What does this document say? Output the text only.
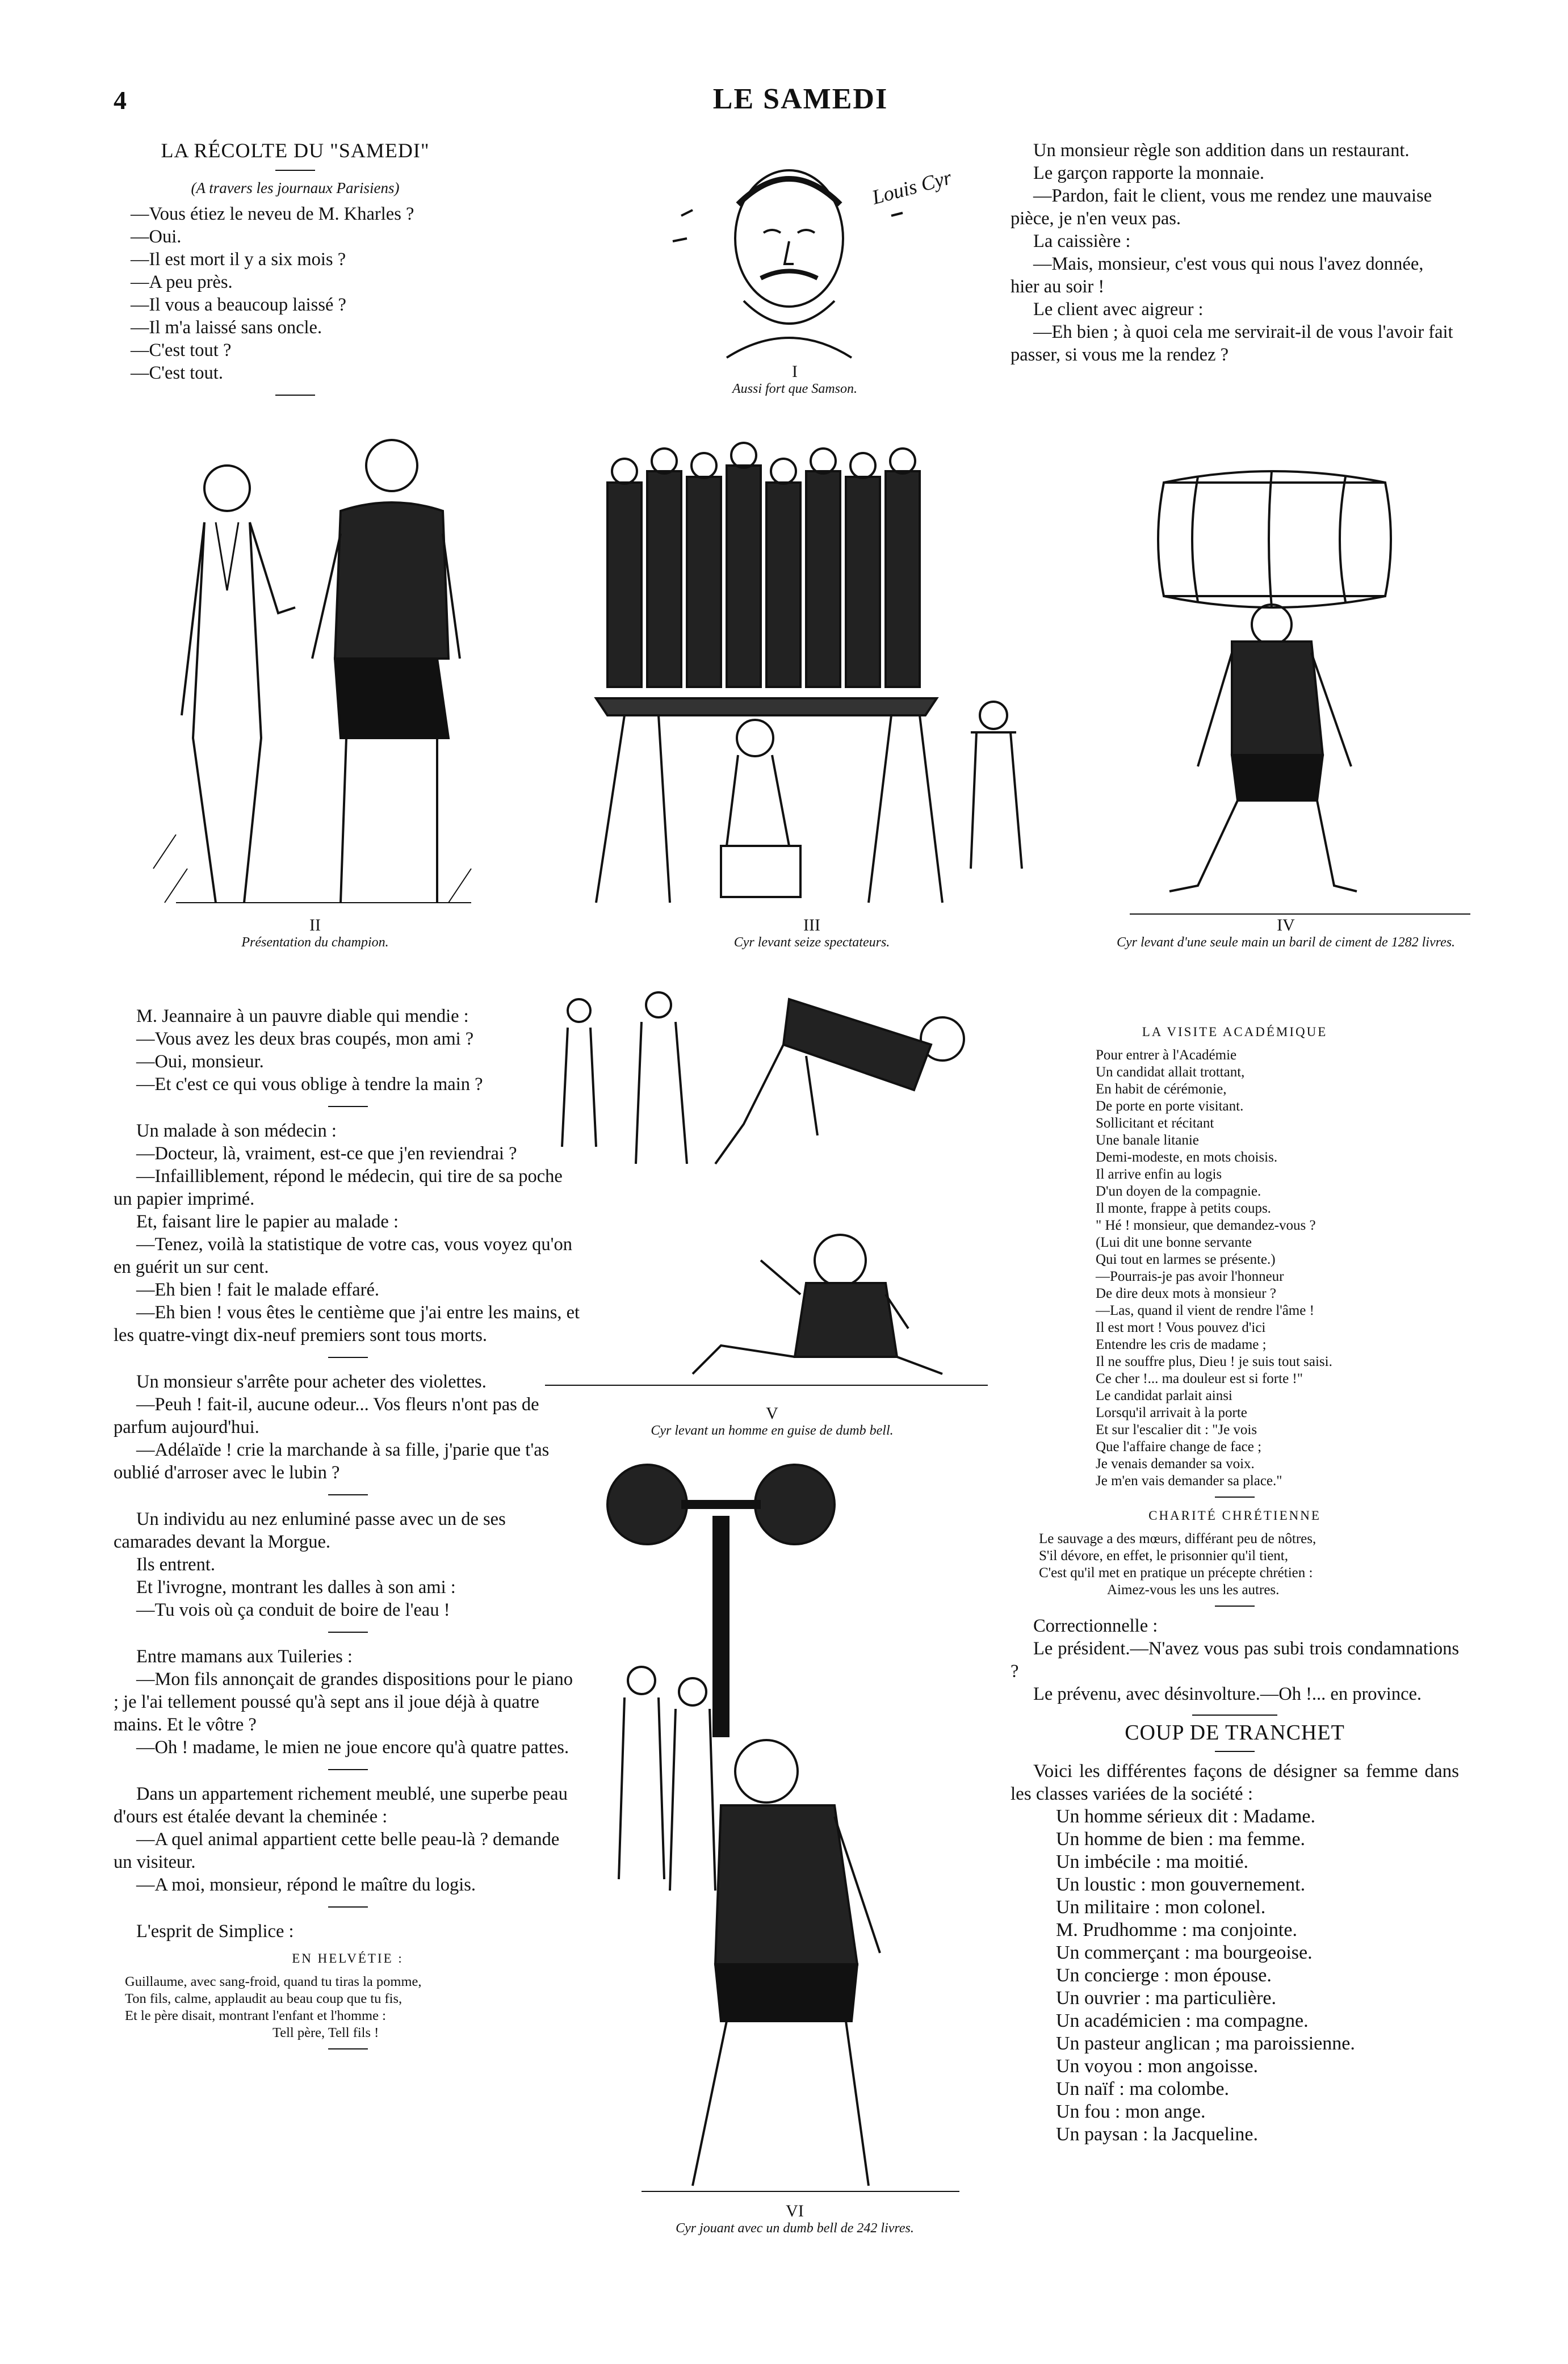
4	LE SAMEDI
LA RÉCOLTE DU "SAMEDI"
(A travers les journaux Parisiens)

—Vous étiez le neveu de M. Kharles ?

—Oui.

—Il est mort il y a six mois ?

—A peu près.

—Il vous a beaucoup laissé ?

—Il m'a laissé sans oncle.

—C'est tout ?

—C'est tout.

M. Jeannaire à un pauvre diable qui mendie :

—Vous avez les deux bras coupés, mon ami ?

—Oui, monsieur.

—Et c'est ce qui vous oblige à tendre la main ?

Un malade à son médecin :

—Docteur, là, vraiment, est-ce que j'en reviendrai ?

—Infailliblement, répond le médecin, qui tire de sa poche un papier imprimé.

Et, faisant lire le papier au malade :

—Tenez, voilà la statistique de votre cas, vous voyez qu'on en guérit un sur cent.

—Eh bien ! fait le malade effaré.

—Eh bien ! vous êtes le centième que j'ai entre les mains, et les quatre-vingt dix-neuf premiers sont tous morts.

Un monsieur s'arrête pour acheter des violettes.

—Peuh ! fait-il, aucune odeur... Vos fleurs n'ont pas de parfum aujourd'hui.

—Adélaïde ! crie la marchande à sa fille, j'parie que t'as oublié d'arroser avec le lubin ?

Un individu au nez enluminé passe avec un de ses camarades devant la Morgue.

Ils entrent.

Et l'ivrogne, montrant les dalles à son ami :

—Tu vois où ça conduit de boire de l'eau !

Entre mamans aux Tuileries :

—Mon fils annonçait de grandes dispositions pour le piano ; je l'ai tellement poussé qu'à sept ans il joue déjà à quatre mains. Et le vôtre ?

—Oh ! madame, le mien ne joue encore qu'à quatre pattes.

Dans un appartement richement meublé, une superbe peau d'ours est étalée devant la cheminée :

—A quel animal appartient cette belle peau-là ? demande un visiteur.

—A moi, monsieur, répond le maître du logis.

L'esprit de Simplice :

EN HELVÉTIE :

Guillaume, avec sang-froid, quand tu tiras la pomme,

Ton fils, calme, applaudit au beau coup que tu fis,

Et le père disait, montrant l'enfant et l'homme :

Tell père, Tell fils !

Un monsieur règle son addition dans un restaurant.

Le garçon rapporte la monnaie.

—Pardon, fait le client, vous me rendez une mauvaise pièce, je n'en veux pas.

La caissière :

—Mais, monsieur, c'est vous qui nous l'avez donnée, hier au soir !

Le client avec aigreur :

—Eh bien ; à quoi cela me servirait-il de vous l'avoir fait passer, si vous me la rendez ?

LA VISITE ACADÉMIQUE

Pour entrer à l'Académie

Un candidat allait trottant,

En habit de cérémonie,

De porte en porte visitant.

Sollicitant et récitant

Une banale litanie

Demi-modeste, en mots choisis.

Il arrive enfin au logis

D'un doyen de la compagnie.

Il monte, frappe à petits coups.

" Hé ! monsieur, que demandez-vous ?

(Lui dit une bonne servante

Qui tout en larmes se présente.)

—Pourrais-je pas avoir l'honneur

De dire deux mots à monsieur ?

—Las, quand il vient de rendre l'âme !

Il est mort ! Vous pouvez d'ici

Entendre les cris de madame ;

Il ne souffre plus, Dieu ! je suis tout saisi.

Ce cher !... ma douleur est si forte !"

Le candidat parlait ainsi

Lorsqu'il arrivait à la porte

Et sur l'escalier dit : "Je vois

Que l'affaire change de face ;

Je venais demander sa voix.

Je m'en vais demander sa place."

CHARITÉ CHRÉTIENNE

Le sauvage a des mœurs, différant peu de nôtres,

S'il dévore, en effet, le prisonnier qu'il tient,

C'est qu'il met en pratique un précepte chrétien :

Aimez-vous les uns les autres.

Correctionnelle :

Le président.—N'avez vous pas subi trois condamnations ?

Le prévenu, avec désinvolture.—Oh !... en province.

COUP DE TRANCHET

Voici les différentes façons de désigner sa femme dans les classes variées de la société :

Un homme sérieux dit : Madame.

Un homme de bien : ma femme.

Un imbécile : ma moitié.

Un loustic : mon gouvernement.

Un militaire : mon colonel.

M. Prudhomme : ma conjointe.

Un commerçant : ma bourgeoise.

Un concierge : mon épouse.

Un ouvrier : ma particulière.

Un académicien : ma compagne.

Un pasteur anglican ; ma paroissienne.

Un voyou : mon angoisse.

Un naïf : ma colombe.

Un fou : mon ange.

Un paysan : la Jacqueline.

Louis Cyr
I
Aussi fort que Samson.
II
Présentation du champion.
III
Cyr levant seize spectateurs.
IV
Cyr levant d'une seule main un baril de ciment de 1282 livres.
V
Cyr levant un homme en guise de dumb bell.
VI
Cyr jouant avec un dumb bell de 242 livres.
